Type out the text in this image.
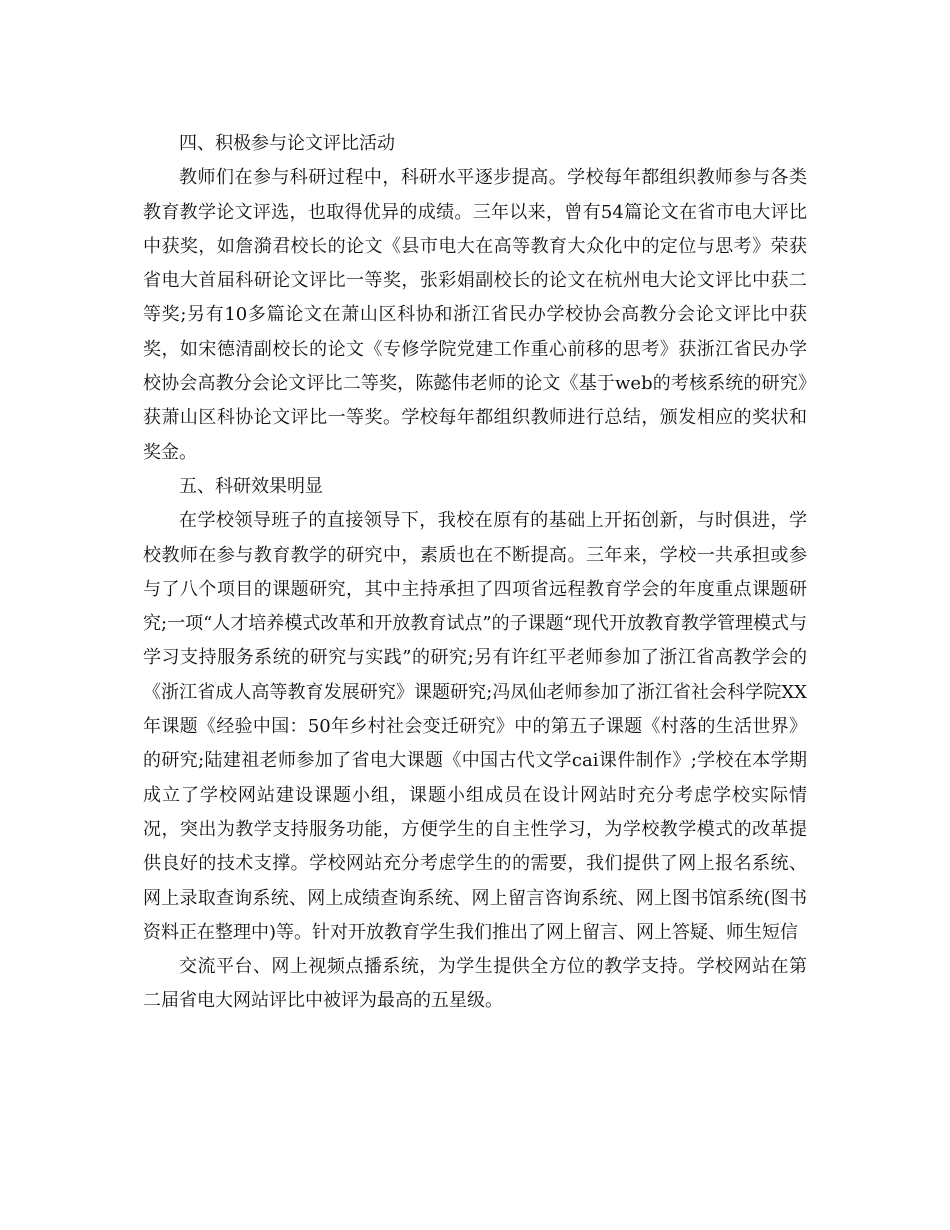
四、积极参与论文评比活动

教师们在参与科研过程中，科研水平逐步提高。学校每年都组织教师参与各类教育教学论文评选，也取得优异的成绩。三年以来，曾有54篇论文在省市电大评比中获奖，如詹漪君校长的论文《县市电大在高等教育大众化中的定位与思考》荣获省电大首届科研论文评比一等奖，张彩娟副校长的论文在杭州电大论文评比中获二等奖;另有10多篇论文在萧山区科协和浙江省民办学校协会高教分会论文评比中获奖，如宋德清副校长的论文《专修学院党建工作重心前移的思考》获浙江省民办学校协会高教分会论文评比二等奖，陈懿伟老师的论文《基于web的考核系统的研究》获萧山区科协论文评比一等奖。学校每年都组织教师进行总结，颁发相应的奖状和奖金。

五、科研效果明显

在学校领导班子的直接领导下，我校在原有的基础上开拓创新，与时俱进，学校教师在参与教育教学的研究中，素质也在不断提高。三年来，学校一共承担或参与了八个项目的课题研究，其中主持承担了四项省远程教育学会的年度重点课题研究;一项“人才培养模式改革和开放教育试点”的子课题“现代开放教育教学管理模式与学习支持服务系统的研究与实践”的研究;另有许红平老师参加了浙江省高教学会的《浙江省成人高等教育发展研究》课题研究;冯凤仙老师参加了浙江省社会科学院XX年课题《经验中国：50年乡村社会变迁研究》中的第五子课题《村落的生活世界》的研究;陆建祖老师参加了省电大课题《中国古代文学cai课件制作》;学校在本学期成立了学校网站建设课题小组，课题小组成员在设计网站时充分考虑学校实际情况，突出为教学支持服务功能，方便学生的自主性学习，为学校教学模式的改革提供良好的技术支撑。学校网站充分考虑学生的的需要，我们提供了网上报名系统、网上录取查询系统、网上成绩查询系统、网上留言咨询系统、网上图书馆系统(图书资料正在整理中)等。针对开放教育学生我们推出了网上留言、网上答疑、师生短信

交流平台、网上视频点播系统，为学生提供全方位的教学支持。学校网站在第二届省电大网站评比中被评为最高的五星级。
